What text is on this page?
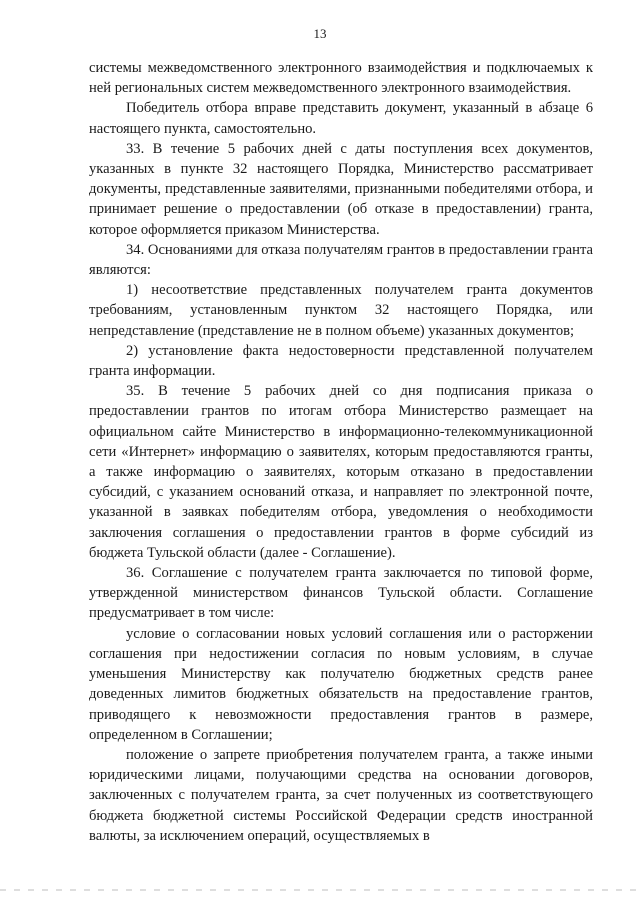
13

системы межведомственного электронного взаимодействия и подключаемых к ней региональных систем межведомственного электронного взаимодействия.

Победитель отбора вправе представить документ, указанный в абзаце 6 настоящего пункта, самостоятельно.

33. В течение 5 рабочих дней с даты поступления всех документов, указанных в пункте 32 настоящего Порядка, Министерство рассматривает документы, представленные заявителями, признанными победителями отбора, и принимает решение о предоставлении (об отказе в предоставлении) гранта, которое оформляется приказом Министерства.

34. Основаниями для отказа получателям грантов в предоставлении гранта являются:

1) несоответствие представленных получателем гранта документов требованиям, установленным пунктом 32 настоящего Порядка, или непредставление (представление не в полном объеме) указанных документов;

2) установление факта недостоверности представленной получателем гранта информации.

35. В течение 5 рабочих дней со дня подписания приказа о предоставлении грантов по итогам отбора Министерство размещает на официальном сайте Министерство в информационно-телекоммуникационной сети «Интернет» информацию о заявителях, которым предоставляются гранты, а также информацию о заявителях, которым отказано в предоставлении субсидий, с указанием оснований отказа, и направляет по электронной почте, указанной в заявках победителям отбора, уведомления о необходимости заключения соглашения о предоставлении грантов в форме субсидий из бюджета Тульской области (далее - Соглашение).

36. Соглашение с получателем гранта заключается по типовой форме, утвержденной министерством финансов Тульской области. Соглашение предусматривает в том числе:

условие о согласовании новых условий соглашения или о расторжении соглашения при недостижении согласия по новым условиям, в случае уменьшения Министерству как получателю бюджетных средств ранее доведенных лимитов бюджетных обязательств на предоставление грантов, приводящего к невозможности предоставления грантов в размере, определенном в Соглашении;

положение о запрете приобретения получателем гранта, а также иными юридическими лицами, получающими средства на основании договоров, заключенных с получателем гранта, за счет полученных из соответствующего бюджета бюджетной системы Российской Федерации средств иностранной валюты, за исключением операций, осуществляемых в
